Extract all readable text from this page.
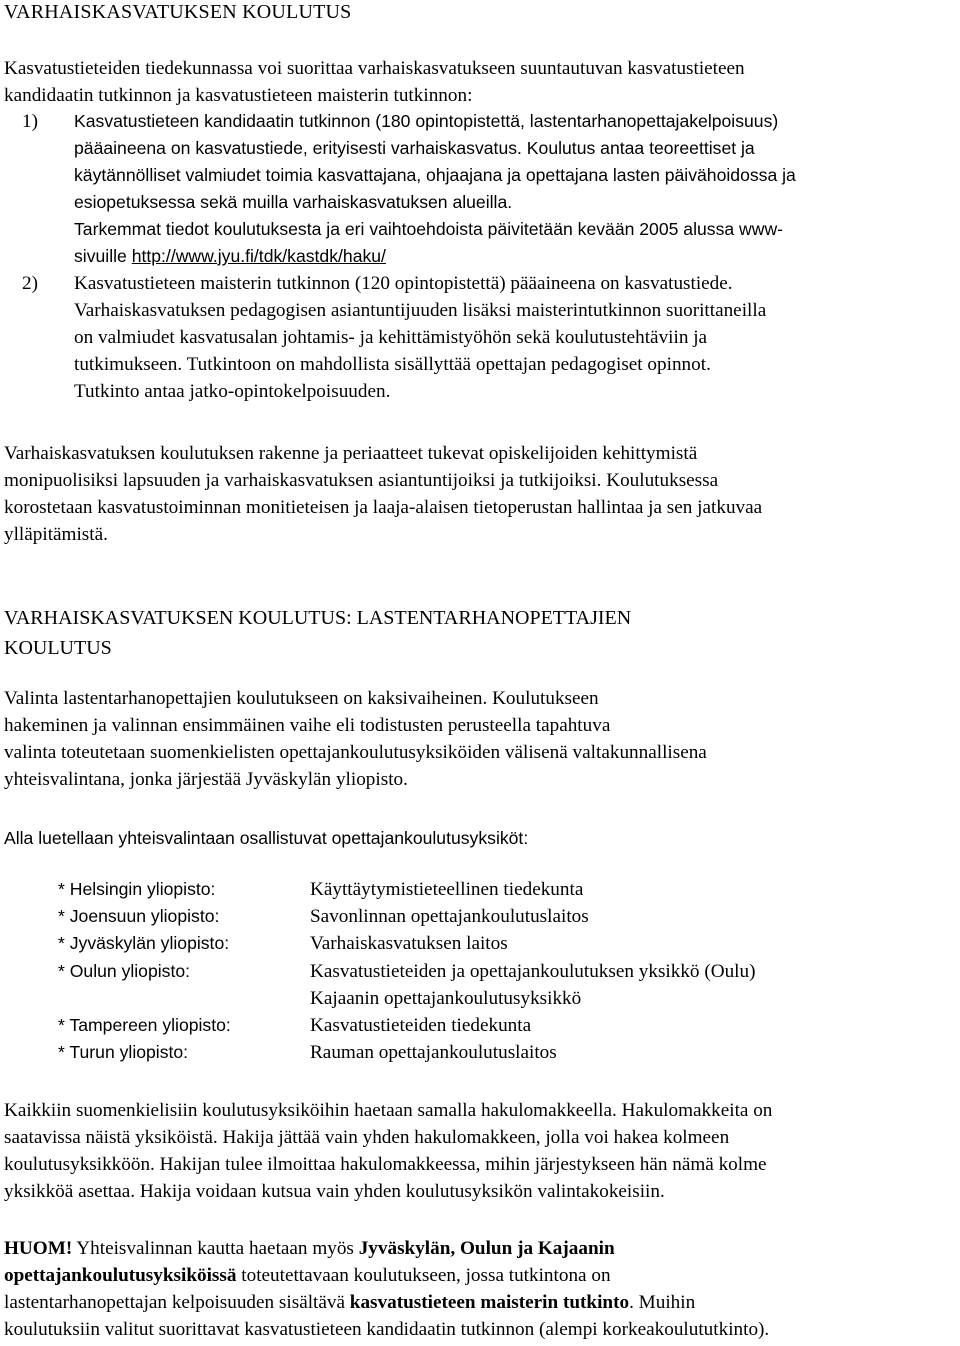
VARHAISKASVATUKSEN KOULUTUS
Kasvatustieteiden tiedekunnassa voi suorittaa varhaiskasvatukseen suuntautuvan kasvatustieteen
kandidaatin tutkinnon ja kasvatustieteen maisterin tutkinnon:
1) Kasvatustieteen kandidaatin tutkinnon (180 opintopistettä, lastentarhanopettajakelpoisuus)
pääaineena on kasvatustiede, erityisesti varhaiskasvatus. Koulutus antaa teoreettiset ja
käytännölliset valmiudet toimia kasvattajana, ohjaajana ja opettajana lasten päivähoidossa ja
esiopetuksessa sekä muilla varhaiskasvatuksen alueilla.
Tarkemmat tiedot koulutuksesta ja eri vaihtoehdoista päivitetään kevään 2005 alussa www-
sivuille http://www.jyu.fi/tdk/kastdk/haku/
2) Kasvatustieteen maisterin tutkinnon (120 opintopistettä) pääaineena on kasvatustiede.
Varhaiskasvatuksen pedagogisen asiantuntijuuden lisäksi maisterintutkinnon suorittaneilla
on valmiudet kasvatusalan johtamis- ja kehittämistyöhön sekä koulutustehtäviin ja
tutkimukseen. Tutkintoon on mahdollista sisällyttää opettajan pedagogiset opinnot.
Tutkinto antaa jatko-opintokelpoisuuden.
Varhaiskasvatuksen koulutuksen rakenne ja periaatteet tukevat opiskelijoiden kehittymistä
monipuolisiksi lapsuuden ja varhaiskasvatuksen asiantuntijoiksi ja tutkijoiksi. Koulutuksessa
korostetaan kasvatustoiminnan monitieteisen ja laaja-alaisen tietoperustan hallintaa ja sen jatkuvaa
ylläpitämistä.
VARHAISKASVATUKSEN KOULUTUS: LASTENTARHANOPETTAJIEN
KOULUTUS
Valinta lastentarhanopettajien koulutukseen on kaksivaiheinen. Koulutukseen
hakeminen ja valinnan ensimmäinen vaihe eli todistusten perusteella tapahtuva
valinta toteutetaan suomenkielisten opettajankoulutusyksiköiden välisenä valtakunnallisena
yhteisvalintana, jonka järjestää Jyväskylän yliopisto.
Alla luetellaan yhteisvalintaan osallistuvat opettajankoulutusyksiköt:
* Helsingin yliopisto:	Käyttäytymistieteellinen tiedekunta
* Joensuun yliopisto:	Savonlinnan opettajankoulutuslaitos
* Jyväskylän yliopisto:	Varhaiskasvatuksen laitos
* Oulun yliopisto:	Kasvatustieteiden ja opettajankoulutuksen yksikkö (Oulu)
Kajaanin opettajankoulutusyksikkö
* Tampereen yliopisto:	Kasvatustieteiden tiedekunta
* Turun yliopisto:	Rauman opettajankoulutuslaitos
Kaikkiin suomenkielisiin koulutusyksiköihin haetaan samalla hakulomakkeella. Hakulomakkeita on
saatavissa näistä yksiköistä. Hakija jättää vain yhden hakulomakkeen, jolla voi hakea kolmeen
koulutusyksikköön. Hakijan tulee ilmoittaa hakulomakkeessa, mihin järjestykseen hän nämä kolme
yksikköä asettaa. Hakija voidaan kutsua vain yhden koulutusyksikön valintakokeisiin.
HUOM! Yhteisvalinnan kautta haetaan myös Jyväskylän, Oulun ja Kajaanin
opettajankoulutusyksiköissä toteutettavaan koulutukseen, jossa tutkintona on
lastentarhanopettajan kelpoisuuden sisältävä kasvatustieteen maisterin tutkinto. Muihin
koulutuksiin valitut suorittavat kasvatustieteen kandidaatin tutkinnon (alempi korkeakoulututkinto).
